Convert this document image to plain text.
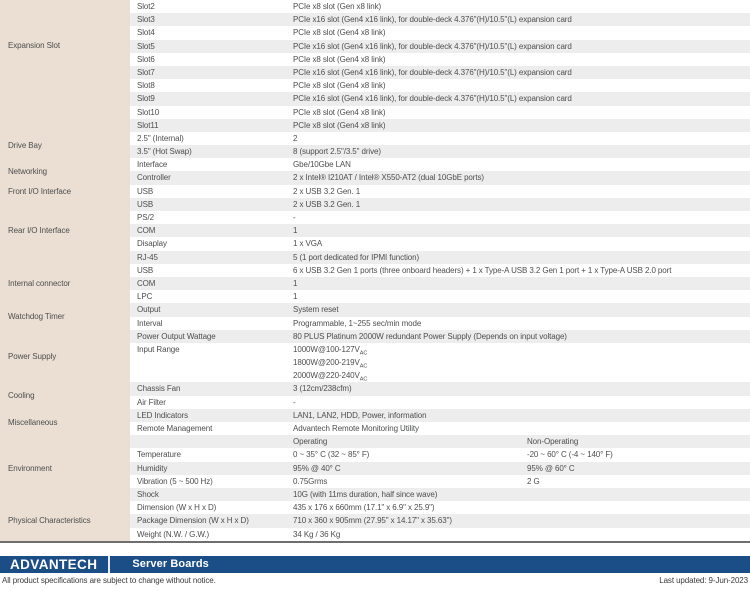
Expansion Slot
Slot2	PCIe x8 slot (Gen x8 link)
Slot3	PCIe x16 slot (Gen4 x16 link), for double-deck 4.376"(H)/10.5"(L) expansion card
Slot4	PCIe x8 slot (Gen4 x8 link)
Slot5	PCIe x16 slot (Gen4 x16 link), for double-deck 4.376"(H)/10.5"(L) expansion card
Slot6	PCIe x8 slot (Gen4 x8 link)
Slot7	PCIe x16 slot (Gen4 x16 link), for double-deck 4.376"(H)/10.5"(L) expansion card
Slot8	PCIe x8 slot (Gen4 x8 link)
Slot9	PCIe x16 slot (Gen4 x16 link), for double-deck 4.376"(H)/10.5"(L) expansion card
Slot10	PCIe x8 slot (Gen4 x8 link)
Slot11	PCIe x8 slot (Gen4 x8 link)
Drive Bay
2.5" (Internal)	2
3.5" (Hot Swap)	8 (support 2.5"/3.5" drive)
Networking
Interface	Gbe/10Gbe LAN
Controller	2 x Intel® I210AT / Intel® X550-AT2 (dual 10GbE ports)
Front I/O Interface	USB	2 x USB 3.2 Gen. 1
Rear I/O Interface
USB	2 x USB 3.2 Gen. 1
PS/2	-
COM	1
Disaplay	1 x VGA
RJ-45	5 (1 port dedicated for IPMI function)
Internal connector
USB	6 x USB 3.2 Gen 1 ports (three onboard headers) + 1 x Type-A USB 3.2 Gen 1 port + 1 x Type-A USB 2.0 port
COM	1
LPC	1
Watchdog Timer
Output	System reset
Interval	Programmable, 1~255 sec/min mode
Power Supply
Power Output Wattage	80 PLUS Platinum 2000W redundant Power Supply (Depends on input voltage)
Input Range	$1000W@100-127V_{AC}$
$1800W@200-219V_{AC}$
$2000W@220-240V_{AC}$
Cooling
Chassis Fan	3 (12cm/238cfm)
Air Filter	-
Miscellaneous
LED Indicators	LAN1, LAN2, HDD, Power, information
Remote Management	Advantech Remote Monitoring Utility
Environment
Operating	Non-Operating
Temperature	0 ~ 35° C (32 ~ 85° F)	-20 ~ 60° C (-4 ~ 140° F)
Humidity	95% @ 40° C	95% @ 60° C
Vibration (5 ~ 500 Hz)	0.75Grms	2 G
Shock	10G (with 11ms duration, half since wave)
Physical Characteristics
Dimension (W x H x D)	435 x 176 x 660mm (17.1" x 6.9" x 25.9")
Package Dimension (W x H x D)	710 x 360 x 905mm (27.95" x 14.17" x 35.63")
Weight (N.W. / G.W.)	34 Kg / 36 Kg
ADVANTECH	Server Boards
All product specifications are subject to change without notice.	Last updated: 9-Jun-2023
